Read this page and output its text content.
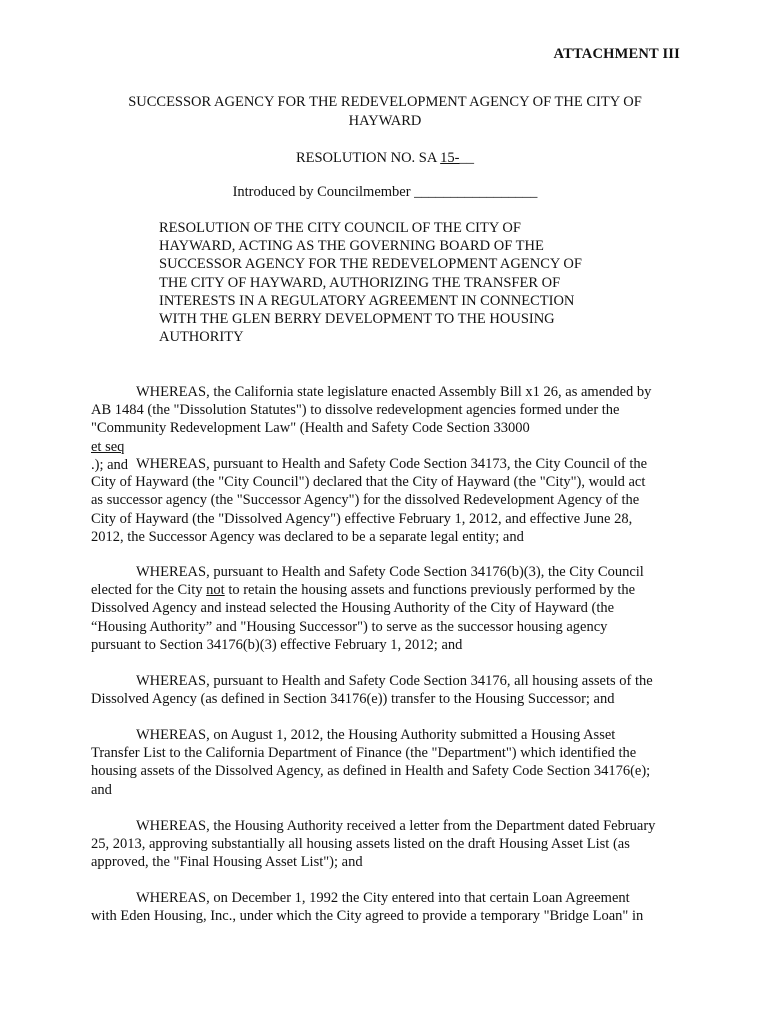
ATTACHMENT III
SUCCESSOR AGENCY FOR THE REDEVELOPMENT AGENCY OF THE CITY OF
HAYWARD
RESOLUTION NO. SA 15-__
Introduced by Councilmember _________________
RESOLUTION OF THE CITY COUNCIL OF THE CITY OF
HAYWARD, ACTING AS THE GOVERNING BOARD OF THE
SUCCESSOR AGENCY FOR THE REDEVELOPMENT AGENCY OF
THE CITY OF HAYWARD, AUTHORIZING THE TRANSFER OF
INTERESTS IN A REGULATORY AGREEMENT IN CONNECTION
WITH THE GLEN BERRY DEVELOPMENT TO THE HOUSING
AUTHORITY
WHEREAS, the California state legislature enacted Assembly Bill x1 26, as amended by
AB 1484 (the "Dissolution Statutes") to dissolve redevelopment agencies formed under the
"Community Redevelopment Law" (Health and Safety Code Section 33000
et seq
.); and WHEREAS, pursuant to Health and Safety Code Section 34173, the City Council of the
City of Hayward (the "City Council") declared that the City of Hayward (the "City"), would act
as successor agency (the "Successor Agency") for the dissolved Redevelopment Agency of the
City of Hayward (the "Dissolved Agency") effective February 1, 2012, and effective June 28,
2012, the Successor Agency was declared to be a separate legal entity; and
WHEREAS, pursuant to Health and Safety Code Section 34176(b)(3), the City Council
elected for the City not to retain the housing assets and functions previously performed by the
Dissolved Agency and instead selected the Housing Authority of the City of Hayward (the
“Housing Authority” and "Housing Successor") to serve as the successor housing agency
pursuant to Section 34176(b)(3) effective February 1, 2012; and
WHEREAS, pursuant to Health and Safety Code Section 34176, all housing assets of the
Dissolved Agency (as defined in Section 34176(e)) transfer to the Housing Successor; and
WHEREAS, on August 1, 2012, the Housing Authority submitted a Housing Asset
Transfer List to the California Department of Finance (the "Department") which identified the
housing assets of the Dissolved Agency, as defined in Health and Safety Code Section 34176(e);
and
WHEREAS, the Housing Authority received a letter from the Department dated February
25, 2013, approving substantially all housing assets listed on the draft Housing Asset List (as
approved, the "Final Housing Asset List"); and
WHEREAS, on December 1, 1992 the City entered into that certain Loan Agreement
with Eden Housing, Inc., under which the City agreed to provide a temporary "Bridge Loan" in
